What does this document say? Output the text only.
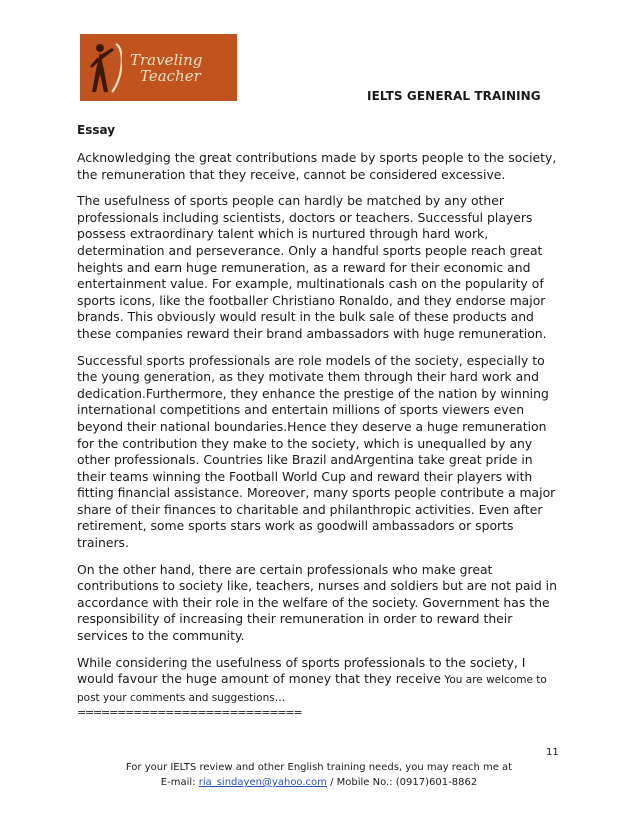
Traveling
Teacher
IELTS GENERAL TRAINING
Essay

Acknowledging the great contributions made by sports people to the society, the remuneration that they receive, cannot be considered excessive.

The usefulness of sports people can hardly be matched by any other professionals including scientists, doctors or teachers. Successful players possess extraordinary talent which is nurtured through hard work, determination and perseverance. Only a handful sports people reach great heights and earn huge remuneration, as a reward for their economic and entertainment value. For example, multinationals cash on the popularity of sports icons, like the footballer Christiano Ronaldo, and they endorse major brands. This obviously would result in the bulk sale of these products and these companies reward their brand ambassadors with huge remuneration.

Successful sports professionals are role models of the society, especially to the young generation, as they motivate them through their hard work and dedication.Furthermore, they enhance the prestige of the nation by winning international competitions and entertain millions of sports viewers even beyond their national boundaries.Hence they deserve a huge remuneration for the contribution they make to the society, which is unequalled by any other professionals. Countries like Brazil andArgentina take great pride in their teams winning the Football World Cup and reward their players with fitting financial assistance. Moreover, many sports people contribute a major share of their finances to charitable and philanthropic activities. Even after retirement, some sports stars work as goodwill ambassadors or sports trainers.

On the other hand, there are certain professionals who make great contributions to society like, teachers, nurses and soldiers but are not paid in accordance with their role in the welfare of the society. Government has the responsibility of increasing their remuneration in order to reward their services to the community.

While considering the usefulness of sports professionals to the society, I would favour the huge amount of money that they receive You are welcome to post your comments and suggestions…

============================
11
For your IELTS review and other English training needs, you may reach me at
E-mail: ria_sindayen@yahoo.com / Mobile No.: (0917)601-8862
